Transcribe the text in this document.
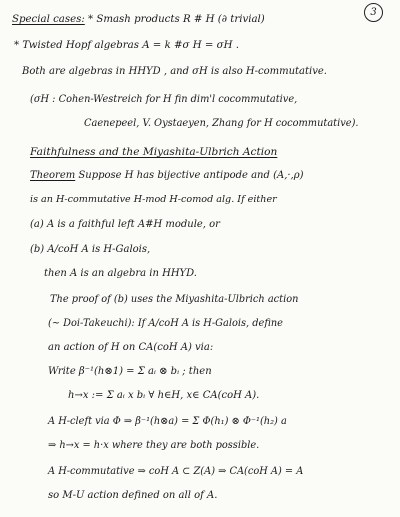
3
Special cases: * Smash products R # H (∂ trivial)
* Twisted Hopf algebras A = k #σ H = σH .
Both are algebras in HHYD , and σH is also H-commutative.
(σH : Cohen-Westreich for H fin dim'l cocommutative,
Caenepeel, V. Oystaeyen, Zhang for H cocommutative).
Faithfulness and the Miyashita-Ulbrich Action
Theorem Suppose H has bijective antipode and (A,·,ρ)
is an H-commutative H-mod H-comod alg. If either
(a) A is a faithful left A#H module, or
(b) A/coH A is H-Galois,
then A is an algebra in HHYD.
The proof of (b) uses the Miyashita-Ulbrich action
(~ Doi-Takeuchi): If A/coH A is H-Galois, define
an action of H on CA(coH A) via:
Write β⁻¹(h⊗1) = Σ aᵢ ⊗ bᵢ ; then
h→x := Σ aᵢ x bᵢ ∀ h∈H, x∈ CA(coH A).
A H-cleft via Φ ⇒ β⁻¹(h⊗a) = Σ Φ(h₁) ⊗ Φ⁻¹(h₂) a
⇒ h→x = h·x where they are both possible.
A H-commutative ⇒ coH A ⊂ Z(A) ⇒ CA(coH A) = A
so M-U action defined on all of A.
